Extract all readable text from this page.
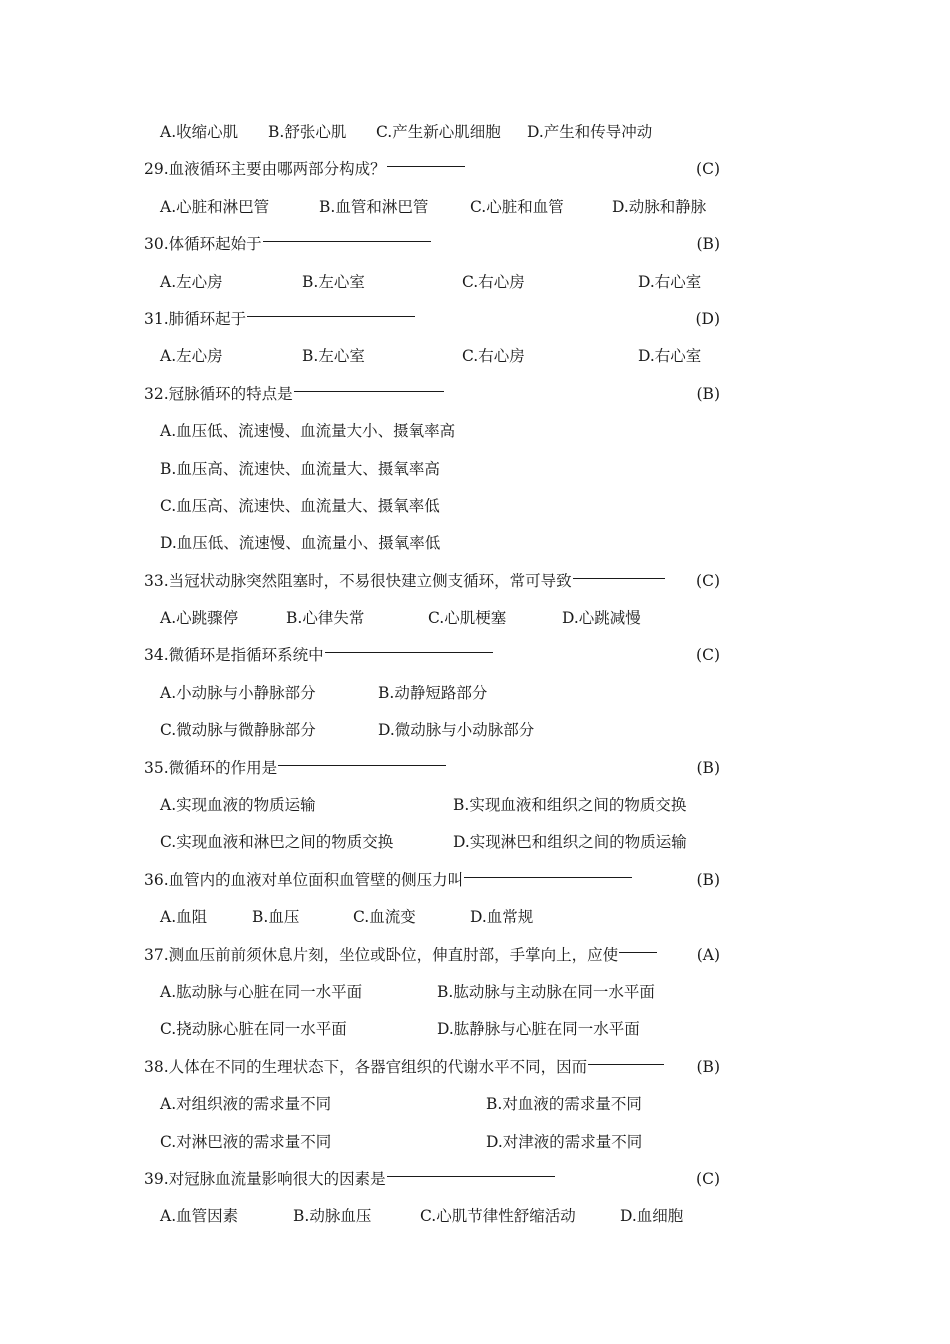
A.收缩心肌 B.舒张心肌 C.产生新心肌细胞 D.产生和传导冲动
29.血液循环主要由哪两部分构成？	(C)
A.心脏和淋巴管	B.血管和淋巴管	C.心脏和血管	D.动脉和静脉
30.体循环起始于	(B)
A.左心房	B.左心室	C.右心房	D.右心室
31.肺循环起于	(D)
A.左心房	B.左心室	C.右心房	D.右心室
32.冠脉循环的特点是	(B)
A.血压低、流速慢、血流量大小、摄氧率高
B.血压高、流速快、血流量大、摄氧率高
C.血压高、流速快、血流量大、摄氧率低
D.血压低、流速慢、血流量小、摄氧率低
33.当冠状动脉突然阻塞时，不易很快建立侧支循环，常可导致	(C)
A.心跳骤停	B.心律失常	C.心肌梗塞	D.心跳减慢
34.微循环是指循环系统中	(C)
A.小动脉与小静脉部分	B.动静短路部分
C.微动脉与微静脉部分	D.微动脉与小动脉部分
35.微循环的作用是	(B)
A.实现血液的物质运输	B.实现血液和组织之间的物质交换
C.实现血液和淋巴之间的物质交换	D.实现淋巴和组织之间的物质运输
36.血管内的血液对单位面积血管壁的侧压力叫	(B)
A.血阻	B.血压	C.血流变	D.血常规
37.测血压前前须休息片刻，坐位或卧位，伸直肘部，手掌向上，应使	(A)
A.肱动脉与心脏在同一水平面	B.肱动脉与主动脉在同一水平面
C.挠动脉心脏在同一水平面	D.肱静脉与心脏在同一水平面
38.人体在不同的生理状态下，各器官组织的代谢水平不同，因而	(B)
A.对组织液的需求量不同	B.对血液的需求量不同
C.对淋巴液的需求量不同	D.对津液的需求量不同
39.对冠脉血流量影响很大的因素是	(C)
A.血管因素	B.动脉血压	C.心肌节律性舒缩活动	D.血细胞
